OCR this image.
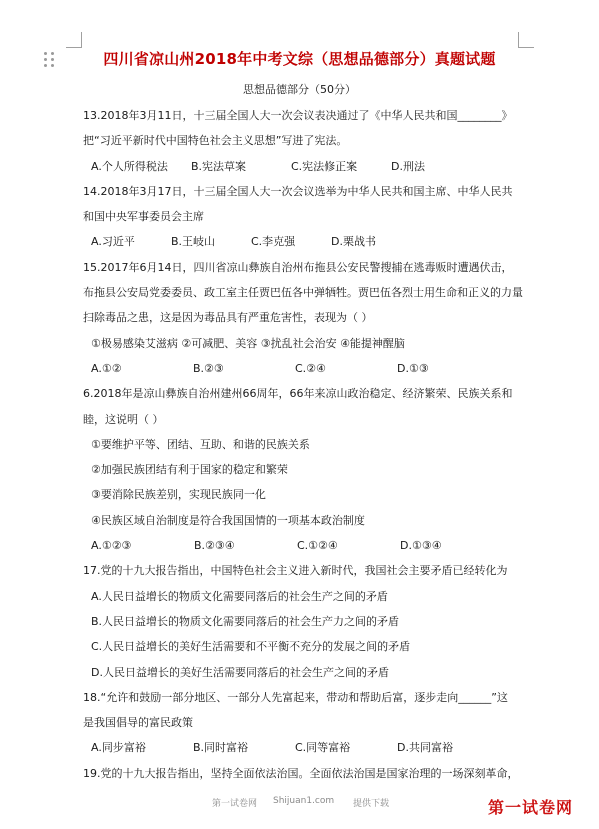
四川省凉山州2018年中考文综（思想品德部分）真题试题
思想品德部分（50分）
13.2018年3月11日，十三届全国人大一次会议表决通过了《中华人民共和国________》
把“习近平新时代中国特色社会主义思想”写进了宪法。
A.个人所得税法	B.宪法草案	C.宪法修正案	D.刑法
14.2018年3月17日，十三届全国人大一次会议选举为中华人民共和国主席、中华人民共
和国中央军事委员会主席
A.习近平	B.王岐山	C.李克强	D.栗战书
15.2017年6月14日，四川省凉山彝族自治州布拖县公安民警搜捕在逃毒贩时遭遇伏击，
布拖县公安局党委委员、政工室主任贾巴伍各中弹牺牲。贾巴伍各烈士用生命和正义的力量
扫除毒品之患，这是因为毒品具有严重危害性，表现为（ ）
①极易感染艾滋病 ②可减肥、美容 ③扰乱社会治安 ④能提神醒脑
A.①②	B.②③	C.②④	D.①③
6.2018年是凉山彝族自治州建州66周年，66年来凉山政治稳定、经济繁荣、民族关系和
睦，这说明（ ）
①要维护平等、团结、互助、和谐的民族关系
②加强民族团结有利于国家的稳定和繁荣
③要消除民族差别，实现民族同一化
④民族区域自治制度是符合我国国情的一项基本政治制度
A.①②③	B.②③④	C.①②④	D.①③④
17.党的十九大报告指出，中国特色社会主义进入新时代，我国社会主要矛盾已经转化为
A.人民日益增长的物质文化需要同落后的社会生产之间的矛盾
B.人民日益增长的物质文化需要同落后的社会生产力之间的矛盾
C.人民日益增长的美好生活需要和不平衡不充分的发展之间的矛盾
D.人民日益增长的美好生活需要同落后的社会生产之间的矛盾
18.“允许和鼓励一部分地区、一部分人先富起来，带动和帮助后富，逐步走向______”这
是我国倡导的富民政策
A.同步富裕	B.同时富裕	C.同等富裕	D.共同富裕
19.党的十九大报告指出，坚持全面依法治国。全面依法治国是国家治理的一场深刻革命，
第一试卷网 Shijuan1.com 提供下载	第一试卷网
